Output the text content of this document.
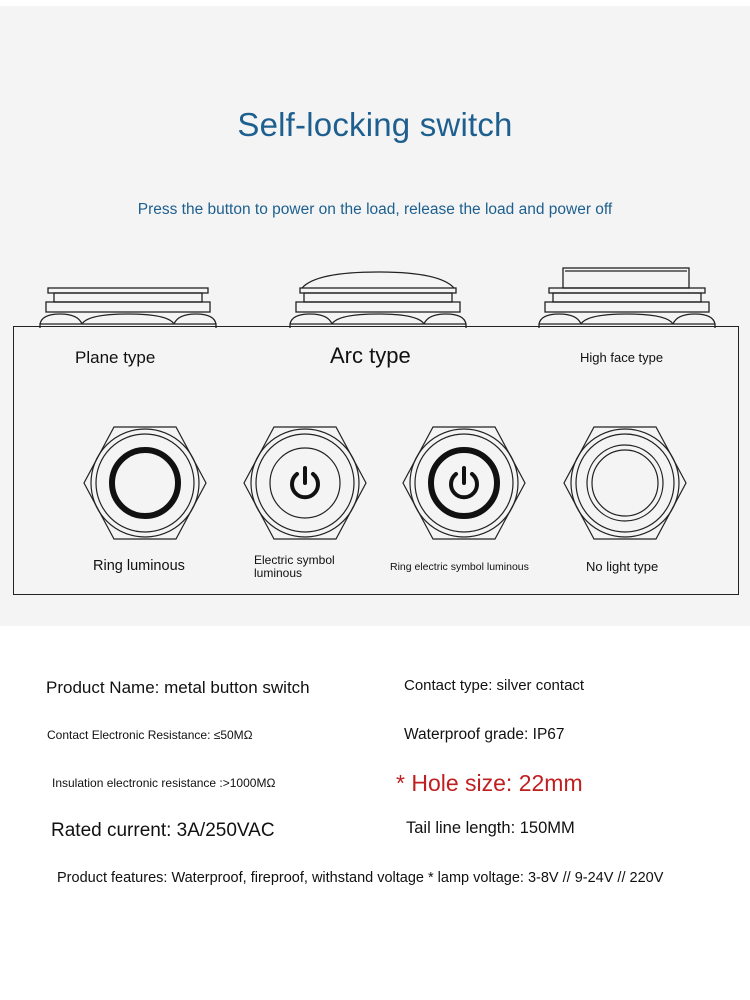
Self-locking switch
Press the button to power on the load, release the load and power off
Plane type	Arc type	High face type
Ring luminous	Electric symbol luminous	Ring electric symbol luminous	No light type
Product Name: metal button switch	Contact type: silver contact
Contact Electronic Resistance: ≤50MΩ	Waterproof grade: IP67
Insulation electronic resistance :>1000MΩ	* Hole size: 22mm
Rated current: 3A/250VAC	Tail line length: 150MM
Product features: Waterproof, fireproof, withstand voltage * lamp voltage: 3-8V // 9-24V // 220V
